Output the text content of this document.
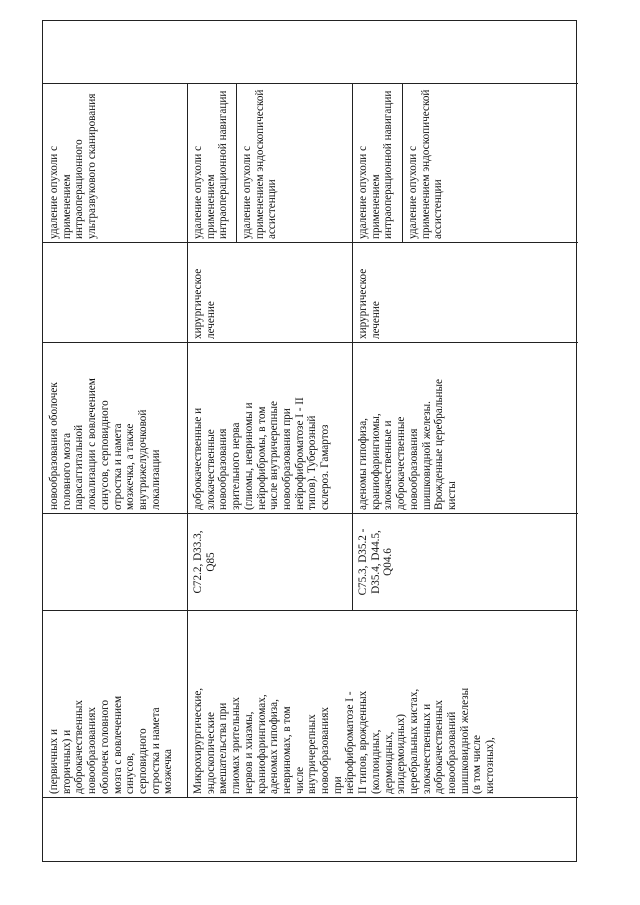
(первичных и вторичных) и доброкачественных новообразованиях оболочек головного мозга с вовлечением синусов, серповидного отростка и намета мозжечка
новообразования оболочек головного мозга парасаггитальной локализации с вовлечением синусов, серповидного отростка и намета мозжечка, а также внутрижелудочковой локализации
удаление опухоли с применением интраоперационного ультразвукового сканирования
Микрохирургические, эндоскопические вмешательства при глиомах зрительных нервов и хиазмы, краниофарингиомах, аденомах гипофиза, невриномах, в том числе внутричерепных новообразованиях при нейрофиброматозе I - II типов, врожденных (коллоидных, дермоидных, эпидермоидных) церебральных кистах, злокачественных и доброкачественных новообразований шишковидной железы (в том числе кистозных),
C72.2, D33.3, Q85
доброкачественные и злокачественные новообразования зрительного нерва (глиомы, невриномы и нейрофибромы, в том числе внутричерепные новообразования при нейрофиброматозе I - II типов). Туберозный склероз. Гамартоз
хирургическое лечение
удаление опухоли с применением интраоперационной навигации удаление опухоли с применением эндоскопической ассистенции
C75.3, D35.2 - D35.4, D44.5, Q04.6
аденомы гипофиза, краниофарингиомы, злокачественные и доброкачественные новообразования шишковидной железы. Врожденные церебральные кисты
хирургическое лечение
удаление опухоли с применением интраоперационной навигации удаление опухоли с применением эндоскопической ассистенции
